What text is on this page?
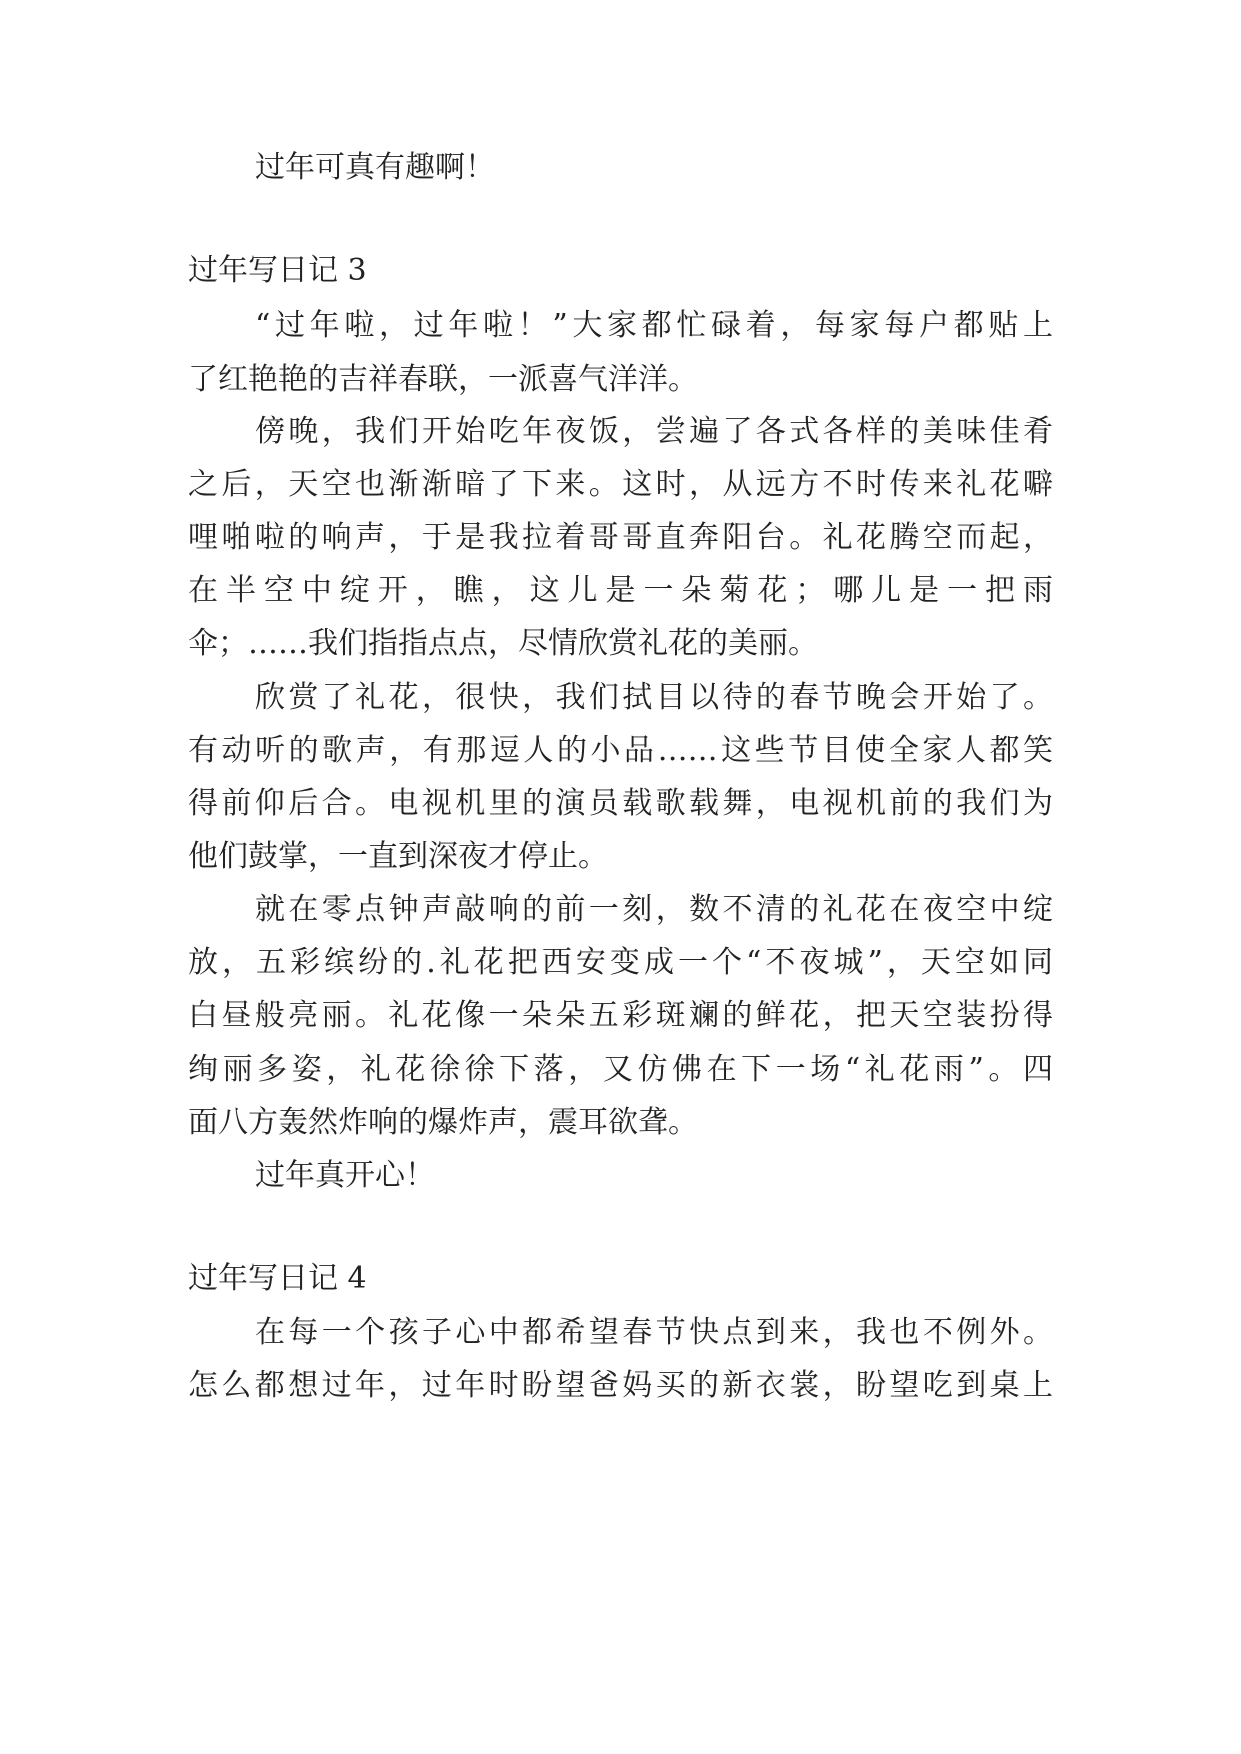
过年可真有趣啊！
过年写日记 3
“过年啦，过年啦！”大家都忙碌着，每家每户都贴上
了红艳艳的吉祥春联，一派喜气洋洋。
傍晚，我们开始吃年夜饭，尝遍了各式各样的美味佳肴
之后，天空也渐渐暗了下来。这时，从远方不时传来礼花噼
哩啪啦的响声，于是我拉着哥哥直奔阳台。礼花腾空而起，
在半空中绽开，瞧，这儿是一朵菊花；哪儿是一把雨
伞；……我们指指点点，尽情欣赏礼花的美丽。
欣赏了礼花，很快，我们拭目以待的春节晚会开始了。
有动听的歌声，有那逗人的小品……这些节目使全家人都笑
得前仰后合。电视机里的演员载歌载舞，电视机前的我们为
他们鼓掌，一直到深夜才停止。
就在零点钟声敲响的前一刻，数不清的礼花在夜空中绽
放，五彩缤纷的.礼花把西安变成一个“不夜城”，天空如同
白昼般亮丽。礼花像一朵朵五彩斑斓的鲜花，把天空装扮得
绚丽多姿，礼花徐徐下落，又仿佛在下一场“礼花雨”。四
面八方轰然炸响的爆炸声，震耳欲聋。
过年真开心！
过年写日记 4
在每一个孩子心中都希望春节快点到来，我也不例外。
怎么都想过年，过年时盼望爸妈买的新衣裳，盼望吃到桌上
